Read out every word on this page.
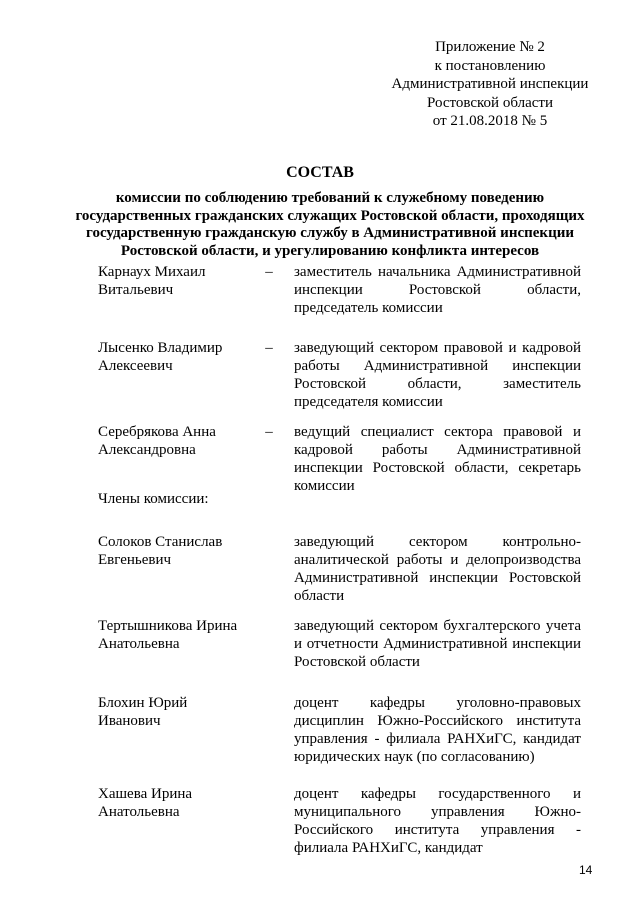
Приложение № 2
к постановлению
Административной инспекции
Ростовской области
от 21.08.2018 № 5
СОСТАВ
комиссии по соблюдению требований к служебному поведению государственных гражданских служащих Ростовской области, проходящих государственную гражданскую службу в Административной инспекции Ростовской области, и урегулированию конфликта интересов
Карнаух Михаил
Витальевич
– заместитель начальника Административной инспекции Ростовской области, председатель комиссии
Лысенко Владимир
Алексеевич
– заведующий сектором правовой и кадровой работы Административной инспекции Ростовской области, заместитель председателя комиссии
Серебрякова Анна
Александровна
– ведущий специалист сектора правовой и кадровой работы Административной инспекции Ростовской области, секретарь комиссии
Члены комиссии:
Солоков Станислав
Евгеньевич
заведующий сектором контрольно-аналитической работы и делопроизводства Административной инспекции Ростовской области
Тертышникова Ирина
Анатольевна
заведующий сектором бухгалтерского учета и отчетности Административной инспекции Ростовской области
Блохин Юрий
Иванович
доцент кафедры уголовно-правовых дисциплин Южно-Российского института управления - филиала РАНХиГС, кандидат юридических наук (по согласованию)
Хашева Ирина
Анатольевна
доцент кафедры государственного и муниципального управления Южно-Российского института управления - филиала РАНХиГС, кандидат
14
